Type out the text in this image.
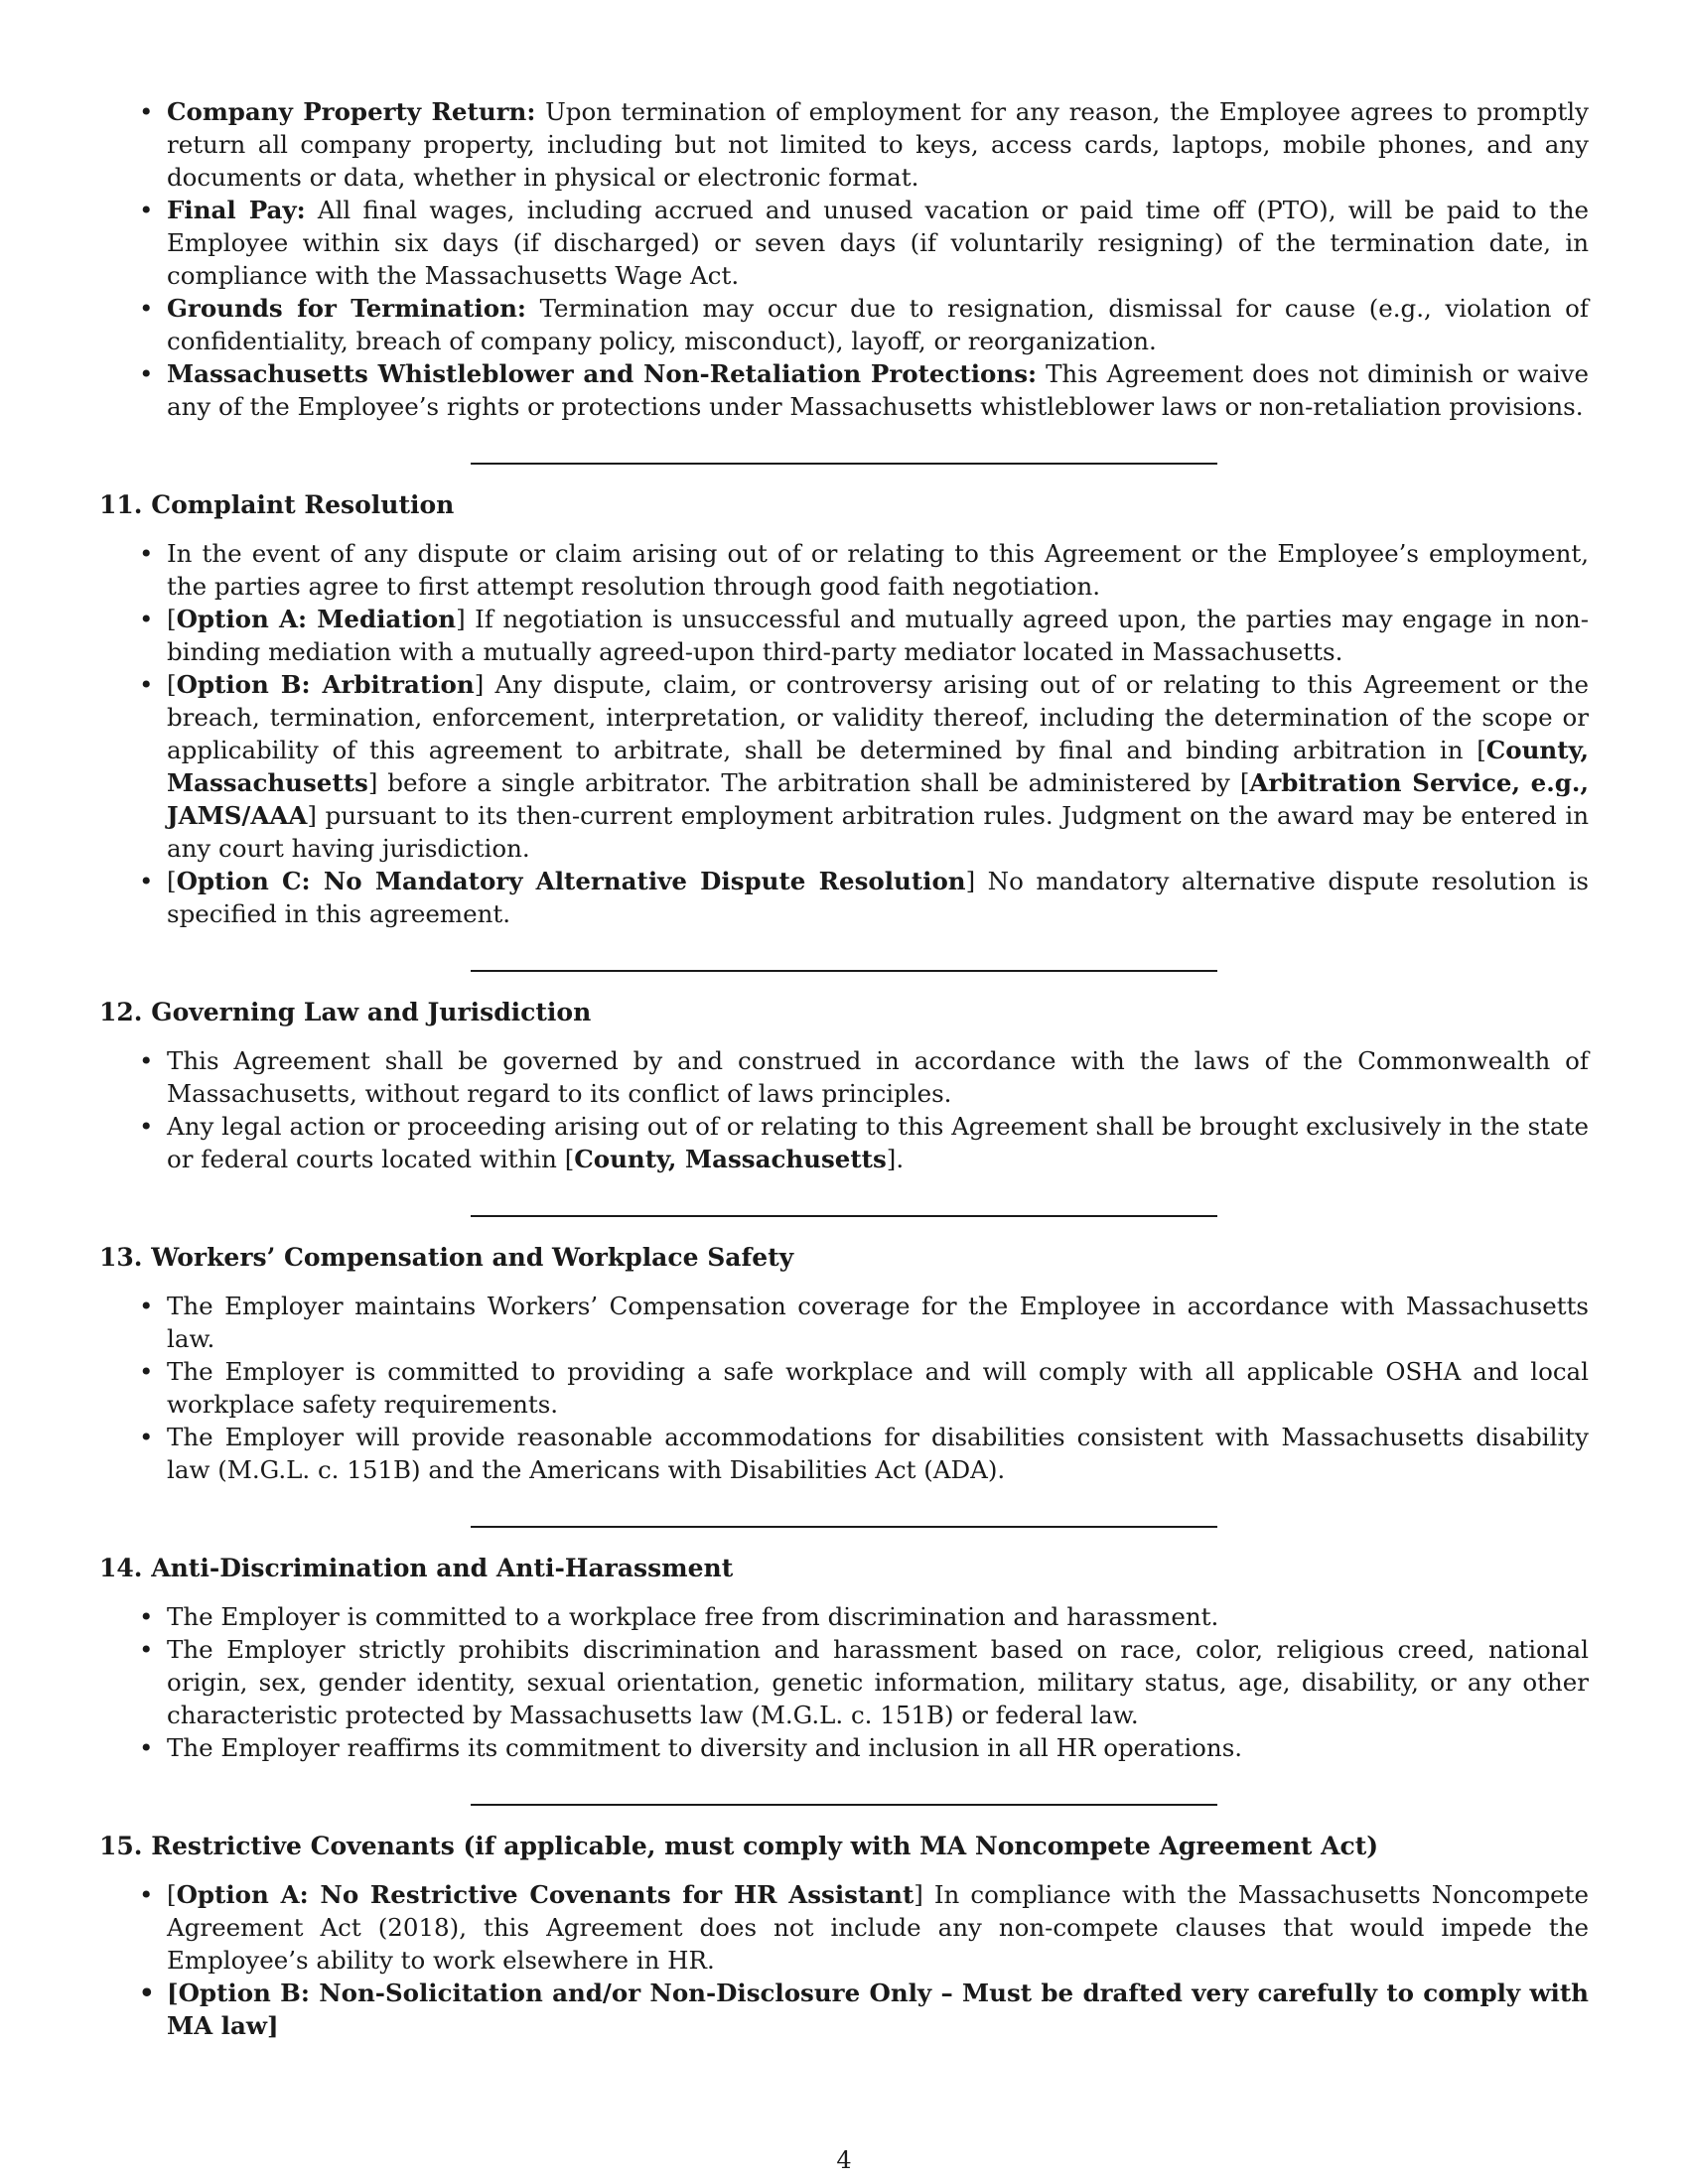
• Company Property Return: Upon termination of employment for any reason, the Employee agrees to promptly return all company property, including but not limited to keys, access cards, laptops, mobile phones, and any documents or data, whether in physical or electronic format.
• Final Pay: All final wages, including accrued and unused vacation or paid time off (PTO), will be paid to the Employee within six days (if discharged) or seven days (if voluntarily resigning) of the termination date, in compliance with the Massachusetts Wage Act.
• Grounds for Termination: Termination may occur due to resignation, dismissal for cause (e.g., violation of confidentiality, breach of company policy, misconduct), layoff, or reorganization.
• Massachusetts Whistleblower and Non-Retaliation Protections: This Agreement does not diminish or waive any of the Employee’s rights or protections under Massachusetts whistleblower laws or non-retaliation provisions.
11. Complaint Resolution
• In the event of any dispute or claim arising out of or relating to this Agreement or the Employee’s employment, the parties agree to first attempt resolution through good faith negotiation.
• [Option A: Mediation] If negotiation is unsuccessful and mutually agreed upon, the parties may engage in non-binding mediation with a mutually agreed-upon third-party mediator located in Massachusetts.
• [Option B: Arbitration] Any dispute, claim, or controversy arising out of or relating to this Agreement or the breach, termination, enforcement, interpretation, or validity thereof, including the determination of the scope or applicability of this agreement to arbitrate, shall be determined by final and binding arbitration in [County, Massachusetts] before a single arbitrator. The arbitration shall be administered by [Arbitration Service, e.g., JAMS/AAA] pursuant to its then-current employment arbitration rules. Judgment on the award may be entered in any court having jurisdiction.
• [Option C: No Mandatory Alternative Dispute Resolution] No mandatory alternative dispute resolution is specified in this agreement.
12. Governing Law and Jurisdiction
• This Agreement shall be governed by and construed in accordance with the laws of the Commonwealth of Massachusetts, without regard to its conflict of laws principles.
• Any legal action or proceeding arising out of or relating to this Agreement shall be brought exclusively in the state or federal courts located within [County, Massachusetts].
13. Workers’ Compensation and Workplace Safety
• The Employer maintains Workers’ Compensation coverage for the Employee in accordance with Massachusetts law.
• The Employer is committed to providing a safe workplace and will comply with all applicable OSHA and local workplace safety requirements.
• The Employer will provide reasonable accommodations for disabilities consistent with Massachusetts disability law (M.G.L. c. 151B) and the Americans with Disabilities Act (ADA).
14. Anti-Discrimination and Anti-Harassment
• The Employer is committed to a workplace free from discrimination and harassment.
• The Employer strictly prohibits discrimination and harassment based on race, color, religious creed, national origin, sex, gender identity, sexual orientation, genetic information, military status, age, disability, or any other characteristic protected by Massachusetts law (M.G.L. c. 151B) or federal law.
• The Employer reaffirms its commitment to diversity and inclusion in all HR operations.
15. Restrictive Covenants (if applicable, must comply with MA Noncompete Agreement Act)
• [Option A: No Restrictive Covenants for HR Assistant] In compliance with the Massachusetts Noncompete Agreement Act (2018), this Agreement does not include any non-compete clauses that would impede the Employee’s ability to work elsewhere in HR.
• [Option B: Non-Solicitation and/or Non-Disclosure Only – Must be drafted very carefully to comply with MA law]
4
